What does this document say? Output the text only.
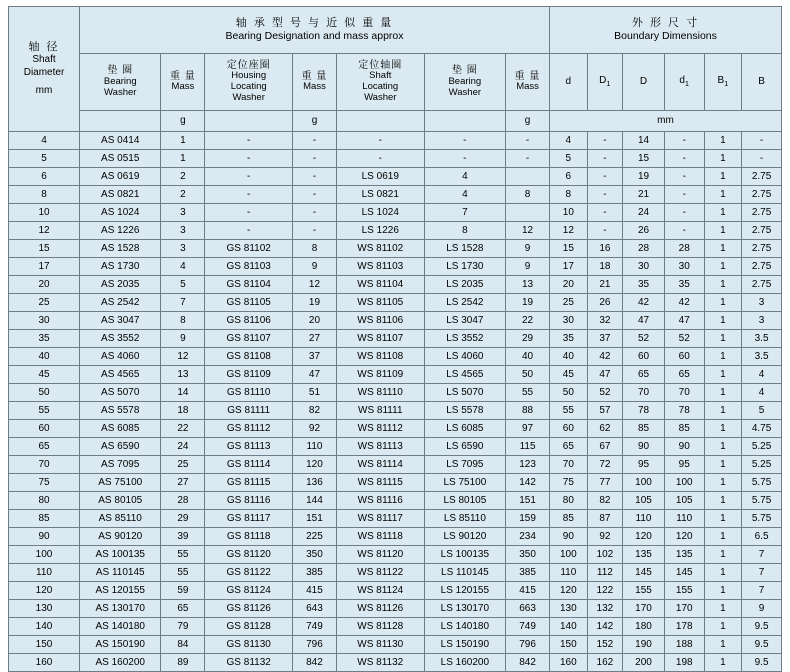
轴 径
Shaft
Diameter
mm	轴 承 型 号 与 近 似 重 量
Bearing Designation and mass approx							外 形 尺 寸
Boundary Dimensions					

	垫 圈
Bearing
Washer	重 量
Mass	定位座圈
Housing
Locating
Washer	重 量
Mass	定位轴圈
Shaft
Locating
Washer	垫 圈
Bearing
Washer	重 量
Mass	d	$D_1$	D	$d_1$	$B_1$	B
		g		g			g	mm					
4	AS 0414	1	-	-	-	-	-	4	-	14	-	1	-
5	AS 0515	1	-	-	-	-	-	5	-	15	-	1	-
6	AS 0619	2	-	-	LS 0619	4		6	-	19	-	1	2.75
8	AS 0821	2	-	-	LS 0821	4	8	8	-	21	-	1	2.75
10	AS 1024	3	-	-	LS 1024	7		10	-	24	-	1	2.75
12	AS 1226	3	-	-	LS 1226	8	12	12	-	26	-	1	2.75
15	AS 1528	3	GS 81102	8	WS 81102	LS 1528	9	15	16	28	28	1	2.75
17	AS 1730	4	GS 81103	9	WS 81103	LS 1730	9	17	18	30	30	1	2.75
20	AS 2035	5	GS 81104	12	WS 81104	LS 2035	13	20	21	35	35	1	2.75
25	AS 2542	7	GS 81105	19	WS 81105	LS 2542	19	25	26	42	42	1	3
30	AS 3047	8	GS 81106	20	WS 81106	LS 3047	22	30	32	47	47	1	3
35	AS 3552	9	GS 81107	27	WS 81107	LS 3552	29	35	37	52	52	1	3.5
40	AS 4060	12	GS 81108	37	WS 81108	LS 4060	40	40	42	60	60	1	3.5
45	AS 4565	13	GS 81109	47	WS 81109	LS 4565	50	45	47	65	65	1	4
50	AS 5070	14	GS 81110	51	WS 81110	LS 5070	55	50	52	70	70	1	4
55	AS 5578	18	GS 81111	82	WS 81111	LS 5578	88	55	57	78	78	1	5
60	AS 6085	22	GS 81112	92	WS 81112	LS 6085	97	60	62	85	85	1	4.75
65	AS 6590	24	GS 81113	110	WS 81113	LS 6590	115	65	67	90	90	1	5.25
70	AS 7095	25	GS 81114	120	WS 81114	LS 7095	123	70	72	95	95	1	5.25
75	AS 75100	27	GS 81115	136	WS 81115	LS 75100	142	75	77	100	100	1	5.75
80	AS 80105	28	GS 81116	144	WS 81116	LS 80105	151	80	82	105	105	1	5.75
85	AS 85110	29	GS 81117	151	WS 81117	LS 85110	159	85	87	110	110	1	5.75
90	AS 90120	39	GS 81118	225	WS 81118	LS 90120	234	90	92	120	120	1	6.5
100	AS 100135	55	GS 81120	350	WS 81120	LS 100135	350	100	102	135	135	1	7
110	AS 110145	55	GS 81122	385	WS 81122	LS 110145	385	110	112	145	145	1	7
120	AS 120155	59	GS 81124	415	WS 81124	LS 120155	415	120	122	155	155	1	7
130	AS 130170	65	GS 81126	643	WS 81126	LS 130170	663	130	132	170	170	1	9
140	AS 140180	79	GS 81128	749	WS 81128	LS 140180	749	140	142	180	178	1	9.5
150	AS 150190	84	GS 81130	796	WS 81130	LS 150190	796	150	152	190	188	1	9.5
160	AS 160200	89	GS 81132	842	WS 81132	LS 160200	842	160	162	200	198	1	9.5
